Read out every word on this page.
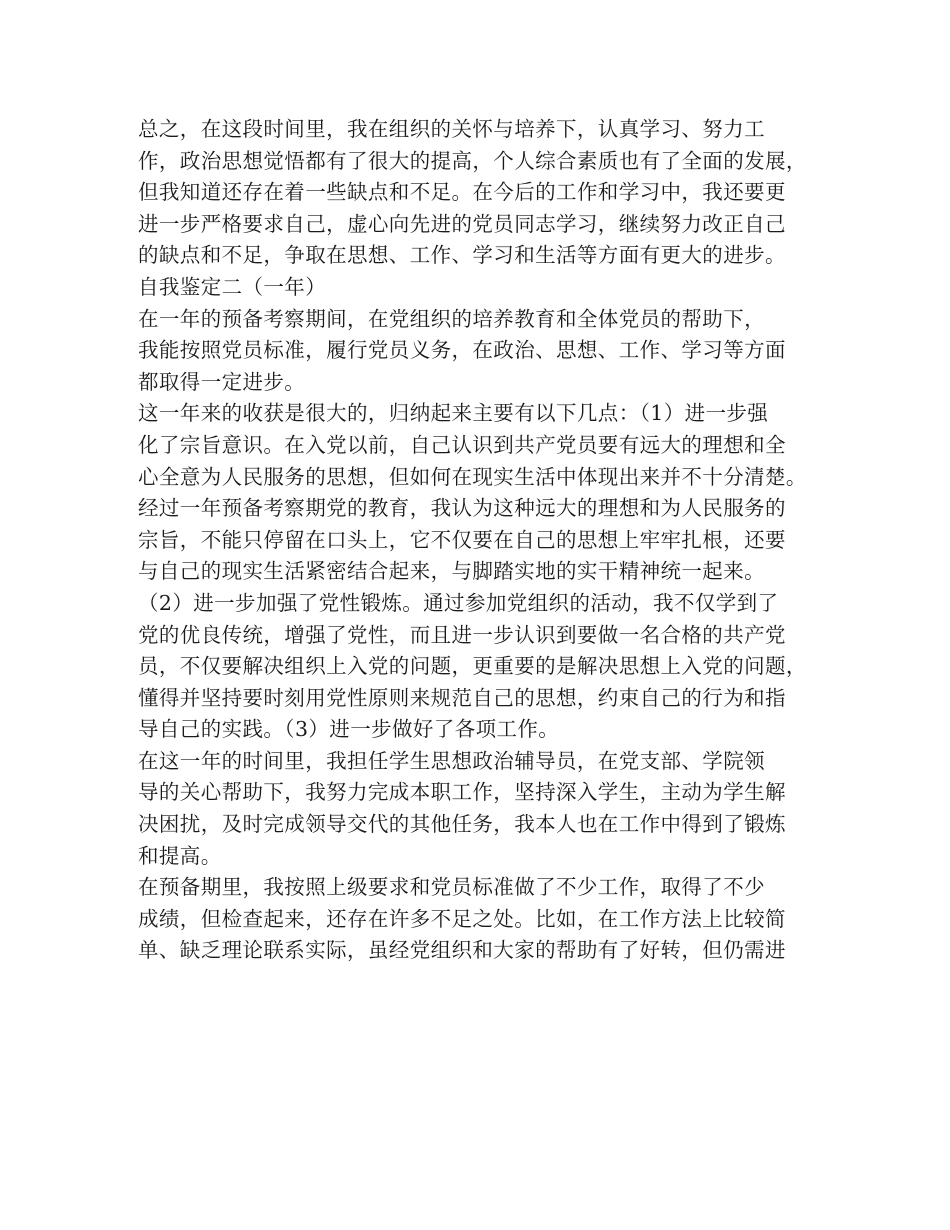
总之，在这段时间里，我在组织的关怀与培养下，认真学习、努力工
作，政治思想觉悟都有了很大的提高，个人综合素质也有了全面的发展，
但我知道还存在着一些缺点和不足。在今后的工作和学习中，我还要更
进一步严格要求自己，虚心向先进的党员同志学习，继续努力改正自己
的缺点和不足，争取在思想、工作、学习和生活等方面有更大的进步。
自我鉴定二（一年）
在一年的预备考察期间，在党组织的培养教育和全体党员的帮助下，
我能按照党员标准，履行党员义务，在政治、思想、工作、学习等方面
都取得一定进步。
这一年来的收获是很大的，归纳起来主要有以下几点：（1）进一步强
化了宗旨意识。在入党以前，自己认识到共产党员要有远大的理想和全
心全意为人民服务的思想，但如何在现实生活中体现出来并不十分清楚。
经过一年预备考察期党的教育，我认为这种远大的理想和为人民服务的
宗旨，不能只停留在口头上，它不仅要在自己的思想上牢牢扎根，还要
与自己的现实生活紧密结合起来，与脚踏实地的实干精神统一起来。
（2）进一步加强了党性锻炼。通过参加党组织的活动，我不仅学到了
党的优良传统，增强了党性，而且进一步认识到要做一名合格的共产党
员，不仅要解决组织上入党的问题，更重要的是解决思想上入党的问题，
懂得并坚持要时刻用党性原则来规范自己的思想，约束自己的行为和指
导自己的实践。（3）进一步做好了各项工作。
在这一年的时间里，我担任学生思想政治辅导员，在党支部、学院领
导的关心帮助下，我努力完成本职工作，坚持深入学生，主动为学生解
决困扰，及时完成领导交代的其他任务，我本人也在工作中得到了锻炼
和提高。
在预备期里，我按照上级要求和党员标准做了不少工作，取得了不少
成绩，但检查起来，还存在许多不足之处。比如，在工作方法上比较简
单、缺乏理论联系实际，虽经党组织和大家的帮助有了好转，但仍需进
